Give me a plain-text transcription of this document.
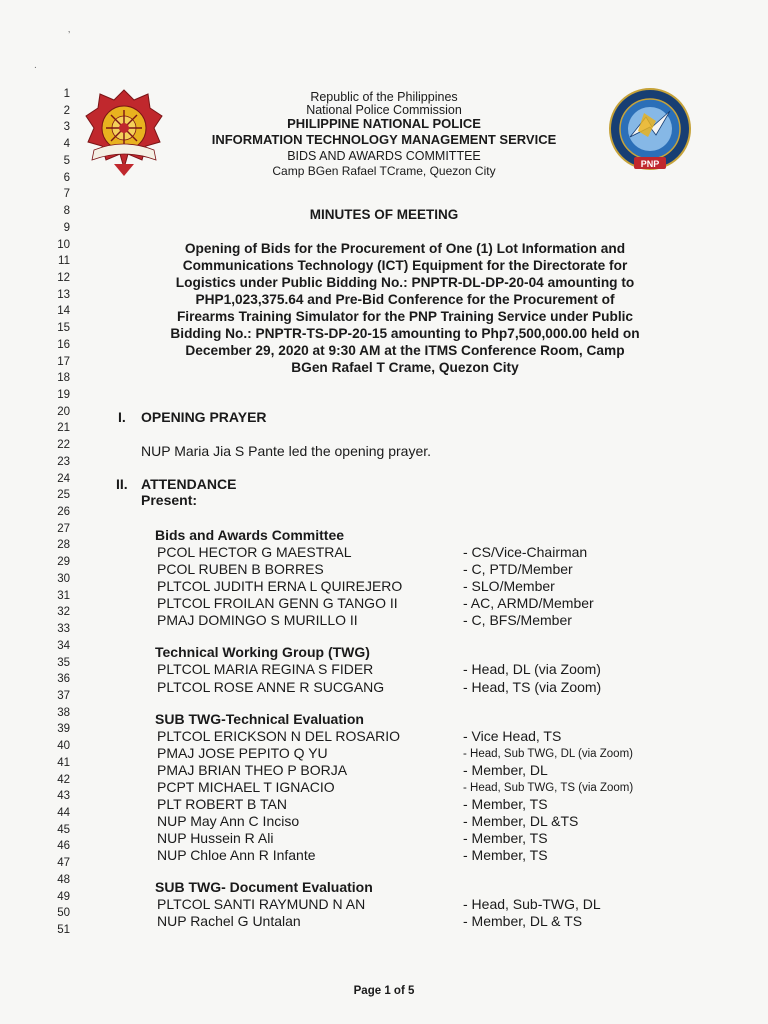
’
.
1
2
3
4
5
6
7
8
9
10
11
12
13
14
15
16
17
18
19
20
21
22
23
24
25
26
27
28
29
30
31
32
33
34
35
36
37
38
39
40
41
42
43
44
45
46
47
48
49
50
51
PNP
Republic of the Philippines
National Police Commission
PHILIPPINE NATIONAL POLICE
INFORMATION TECHNOLOGY MANAGEMENT SERVICE
BIDS AND AWARDS COMMITTEE
Camp BGen Rafael TCrame, Quezon City
MINUTES OF MEETING
Opening of Bids for the Procurement of One (1) Lot Information and
Communications Technology (ICT) Equipment for the Directorate for
Logistics under Public Bidding No.: PNPTR-DL-DP-20-04 amounting to
PHP1,023,375.64 and Pre-Bid Conference for the Procurement of
Firearms Training Simulator for the PNP Training Service under Public
Bidding No.: PNPTR-TS-DP-20-15 amounting to Php7,500,000.00 held on
December 29, 2020 at 9:30 AM at the ITMS Conference Room, Camp
BGen Rafael T Crame, Quezon City
I. OPENING PRAYER
NUP Maria Jia S Pante led the opening prayer.
II. ATTENDANCE
Present:
Bids and Awards Committee
PCOL HECTOR G MAESTRAL	- CS/Vice-Chairman
PCOL RUBEN B BORRES	- C, PTD/Member
PLTCOL JUDITH ERNA L QUIREJERO	- SLO/Member
PLTCOL FROILAN GENN G TANGO II	- AC, ARMD/Member
PMAJ DOMINGO S MURILLO II	- C, BFS/Member
Technical Working Group (TWG)
PLTCOL MARIA REGINA S FIDER	- Head, DL (via Zoom)
PLTCOL ROSE ANNE R SUCGANG	- Head, TS (via Zoom)
SUB TWG-Technical Evaluation
PLTCOL ERICKSON N DEL ROSARIO	- Vice Head, TS
PMAJ JOSE PEPITO Q YU	- Head, Sub TWG, DL (via Zoom)
PMAJ BRIAN THEO P BORJA	- Member, DL
PCPT MICHAEL T IGNACIO	- Head, Sub TWG, TS (via Zoom)
PLT ROBERT B TAN	- Member, TS
NUP May Ann C Inciso	- Member, DL &TS
NUP Hussein R Ali	- Member, TS
NUP Chloe Ann R Infante	- Member, TS
SUB TWG- Document Evaluation
PLTCOL SANTI RAYMUND N AN	- Head, Sub-TWG, DL
NUP Rachel G Untalan	- Member, DL & TS
Page 1 of 5
